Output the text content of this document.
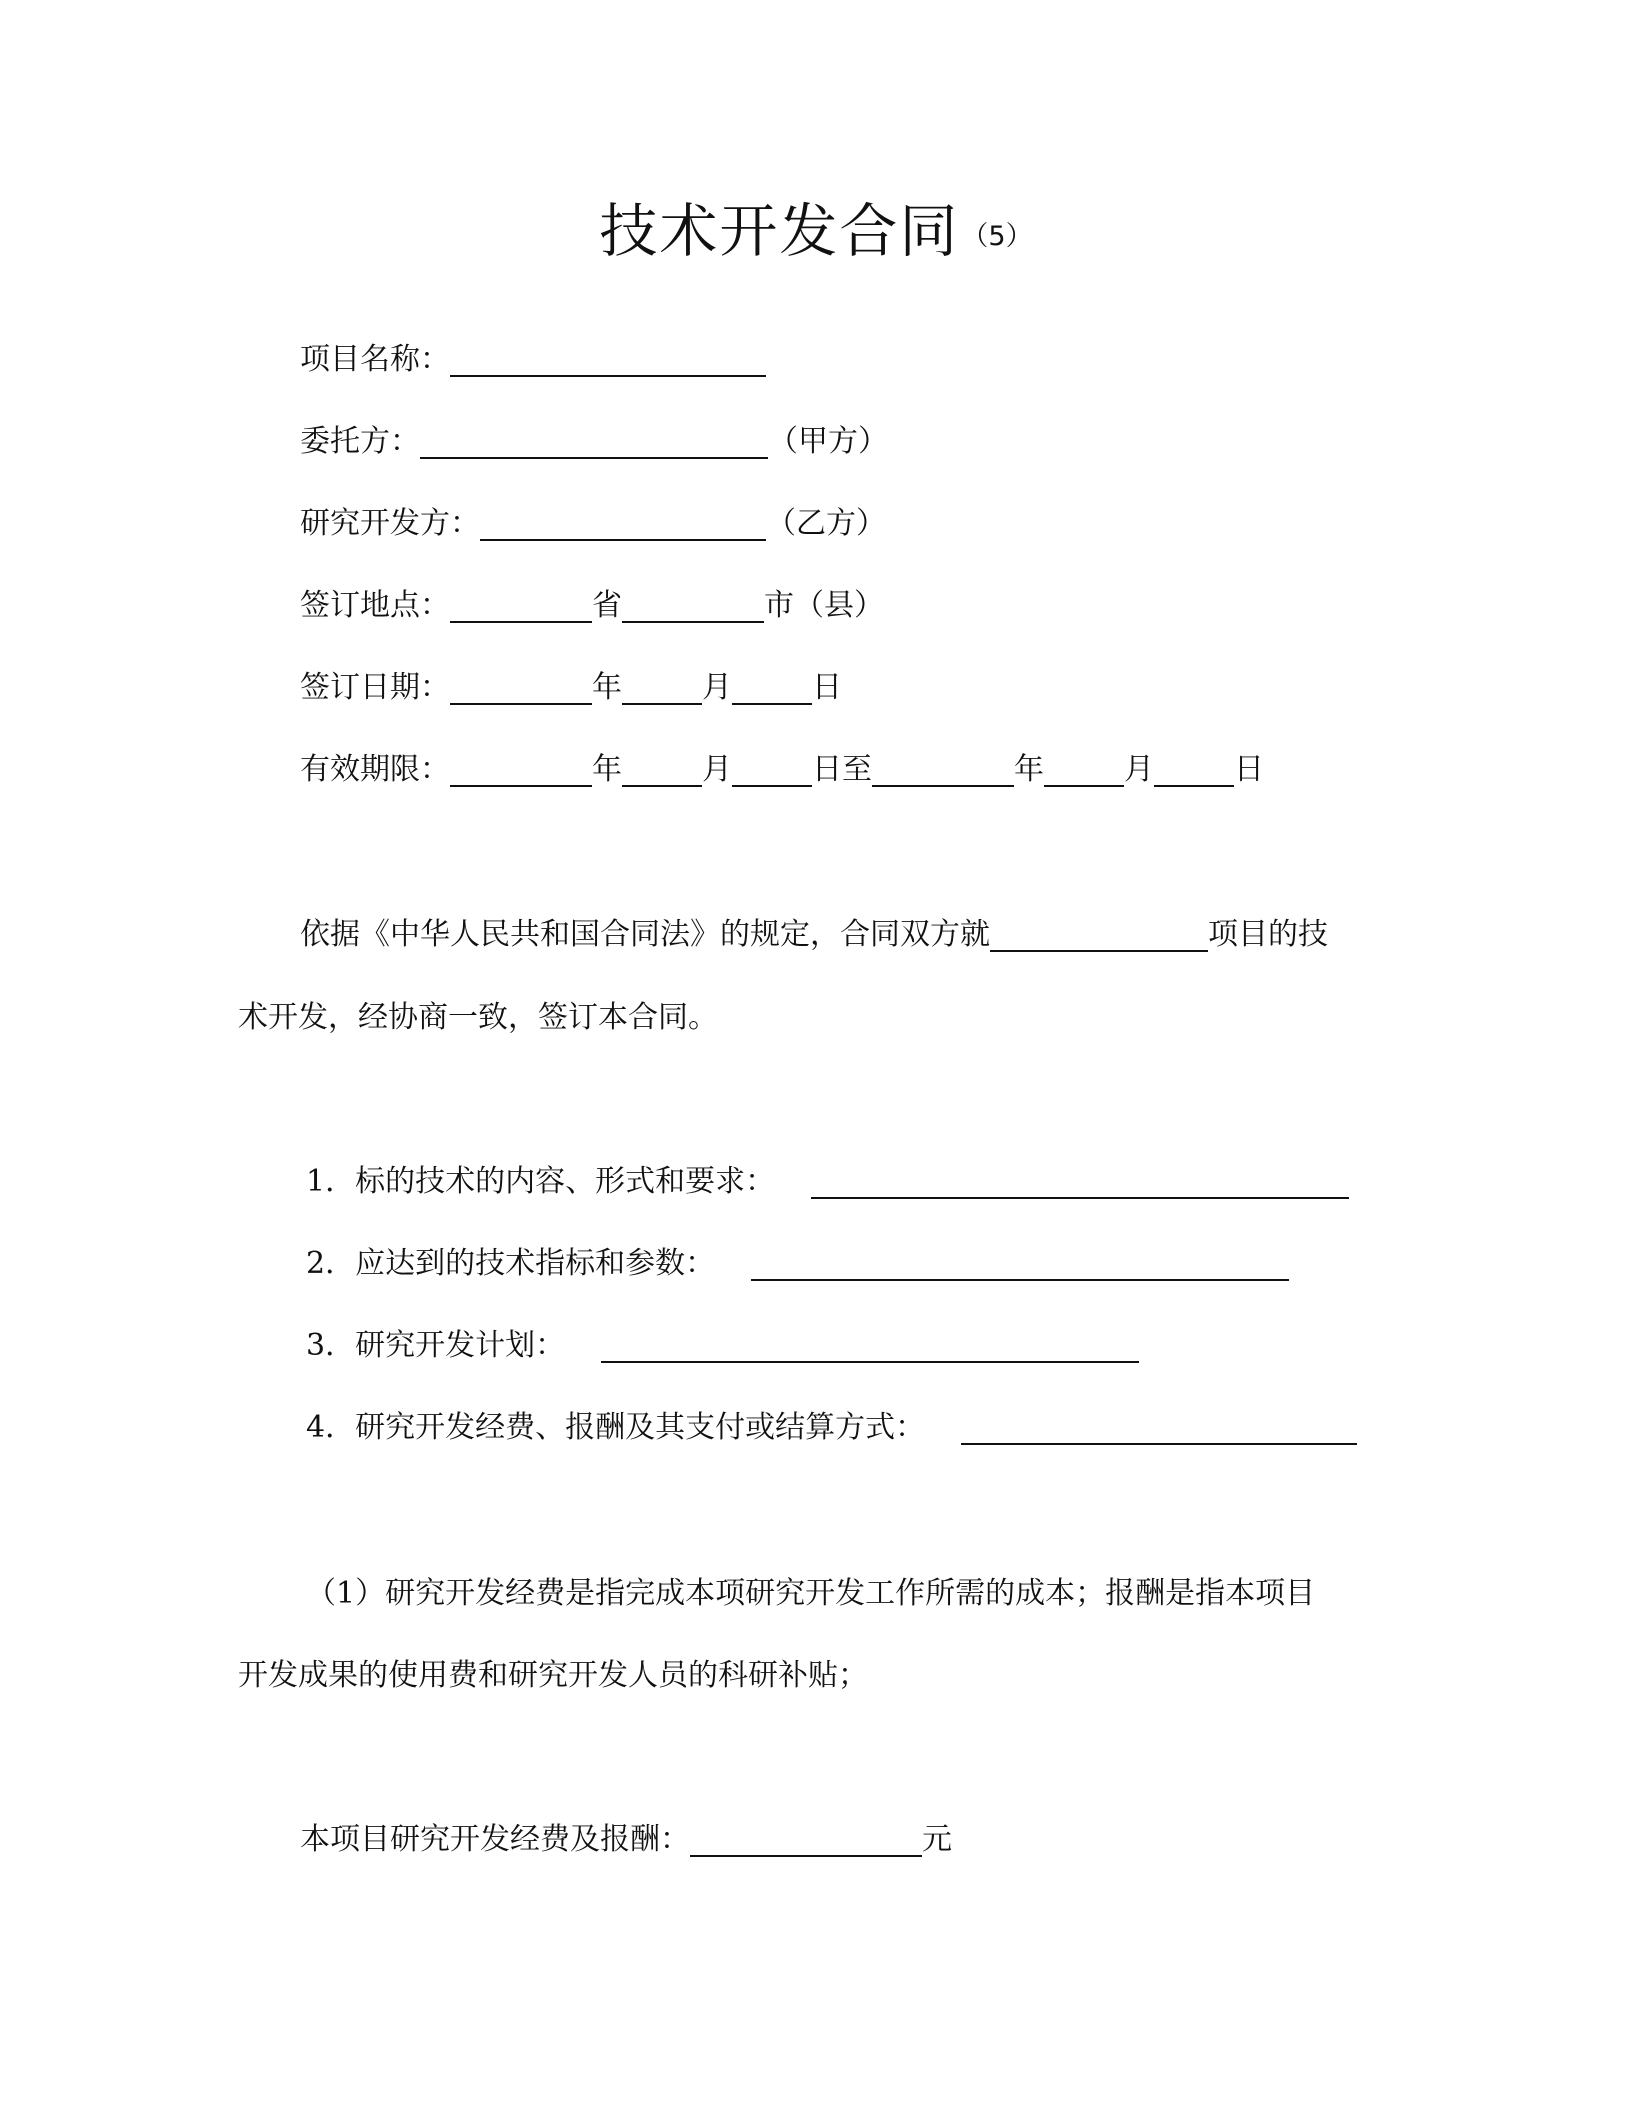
技术开发合同$^{(5)}$
项目名称：
委托方：	（甲方）
研究开发方：	（乙方）
签订地点：	省	市（县）
签订日期：	年	月	日
有效期限：	年	月	日至	年	月	日
依据《中华人民共和国合同法》的规定，合同双方就	项目的技
术开发，经协商一致，签订本合同。
1．标的技术的内容、形式和要求：
2．应达到的技术指标和参数：
3．研究开发计划：
4．研究开发经费、报酬及其支付或结算方式：
（1）研究开发经费是指完成本项研究开发工作所需的成本；报酬是指本项目
开发成果的使用费和研究开发人员的科研补贴；
本项目研究开发经费及报酬：	元
